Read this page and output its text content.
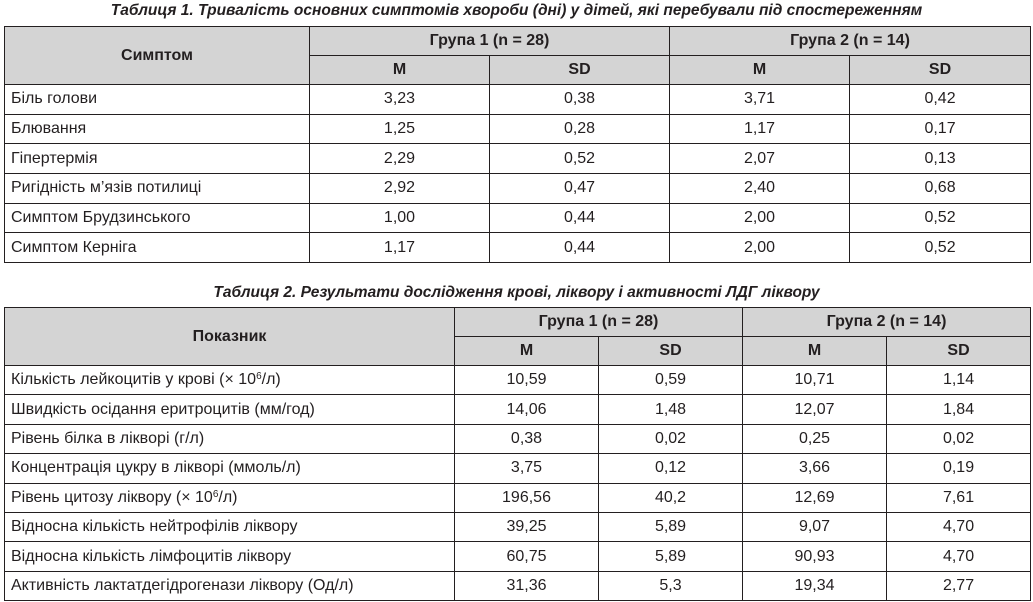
Таблиця 1. Тривалість основних симптомів хвороби (дні) у дітей, які перебували під спостереженням
Симптом	Група 1 (n = 28)		Група 2 (n = 14)	
	M	SD	M	SD
Біль голови	3,23	0,38	3,71	0,42
Блювання	1,25	0,28	1,17	0,17
Гіпертермія	2,29	0,52	2,07	0,13
Ригідність м’язів потилиці	2,92	0,47	2,40	0,68
Симптом Брудзинського	1,00	0,44	2,00	0,52
Симптом Керніга	1,17	0,44	2,00	0,52
Таблиця 2. Результати дослідження крові, ліквору і активності ЛДГ ліквору
Показник	Група 1 (n = 28)		Група 2 (n = 14)	
	M	SD	M	SD
Кількість лейкоцитів у крові (× $10^6/л$)	10,59	0,59	10,71	1,14
Швидкість осідання еритроцитів (мм/год)	14,06	1,48	12,07	1,84
Рівень білка в ліквoрі (г/л)	0,38	0,02	0,25	0,02
Концентрація цукру в ліквoрі (ммоль/л)	3,75	0,12	3,66	0,19
Рівень цитозу ліквору (× $10^6/л$)	196,56	40,2	12,69	7,61
Відносна кількість нейтрофілів ліквору	39,25	5,89	9,07	4,70
Відносна кількість лімфоцитів ліквору	60,75	5,89	90,93	4,70
Активність лактатдегідрогенази ліквору (Од/л)	31,36	5,3	19,34	2,77
